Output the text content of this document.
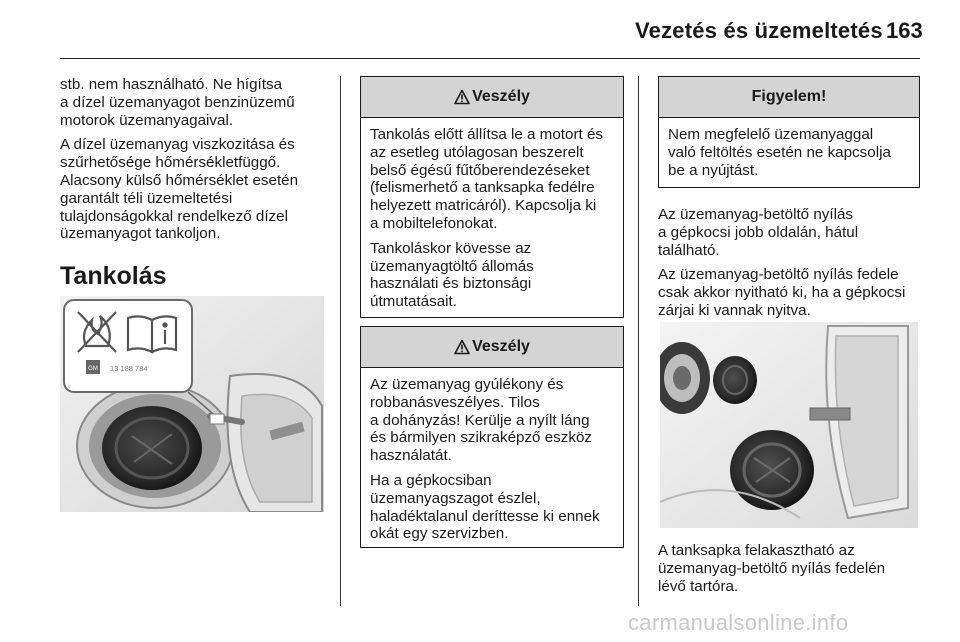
Vezetés és üzemeltetés 163

stb. nem használható. Ne hígítsa
a dízel üzemanyagot benzinüzemű
motorok üzemanyagaival.

A dízel üzemanyag viszkozitása és
szűrhetősége hőmérsékletfüggő.
Alacsony külső hőmérséklet esetén
garantált téli üzemeltetési
tulajdonságokkal rendelkező dízel
üzemanyagot tankoljon.

Tankolás
GM 13 188 784
Veszély

Tankolás előtt állítsa le a motort és
az esetleg utólagosan beszerelt
belső égésű fűtőberendezéseket
(felismerhető a tanksapka fedélre
helyezett matricáról). Kapcsolja ki
a mobiltelefonokat.

Tankoláskor kövesse az
üzemanyagtöltő állomás
használati és biztonsági
útmutatásait.

Veszély

Az üzemanyag gyúlékony és
robbanásveszélyes. Tilos
a dohányzás! Kerülje a nyílt láng
és bármilyen szikraképző eszköz
használatát.

Ha a gépkocsiban
üzemanyagszagot észlel,
haladéktalanul deríttesse ki ennek
okát egy szervizben.

Figyelem!

Nem megfelelő üzemanyaggal
való feltöltés esetén ne kapcsolja
be a nyújtást.

Az üzemanyag-betöltő nyílás
a gépkocsi jobb oldalán, hátul
található.

Az üzemanyag-betöltő nyílás fedele
csak akkor nyitható ki, ha a gépkocsi
zárjai ki vannak nyitva.

A tanksapka felakasztható az
üzemanyag-betöltő nyílás fedelén
lévő tartóra.

carmanualsonline.info
